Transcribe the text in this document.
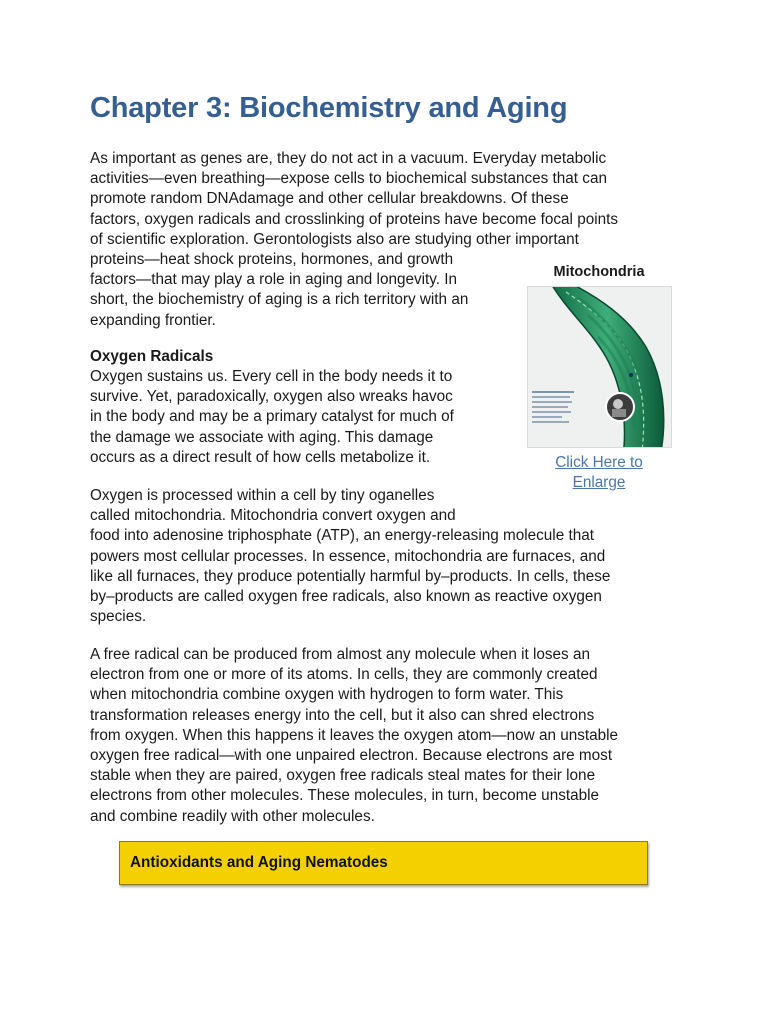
Chapter 3: Biochemistry and Aging

As important as genes are, they do not act in a vacuum. Everyday metabolic
activities—even breathing—expose cells to biochemical substances that can
promote random DNAdamage and other cellular breakdowns. Of these
factors, oxygen radicals and crosslinking of proteins have become focal points
of scientific exploration. Gerontologists also are studying other important
proteins—heat shock proteins, hormones, and growth
factors—that may play a role in aging and longevity. In
short, the biochemistry of aging is a rich territory with an
expanding frontier.

Oxygen Radicals

Oxygen sustains us. Every cell in the body needs it to
survive. Yet, paradoxically, oxygen also wreaks havoc
in the body and may be a primary catalyst for much of
the damage we associate with aging. This damage
occurs as a direct result of how cells metabolize it.

Oxygen is processed within a cell by tiny oganelles
called mitochondria. Mitochondria convert oxygen and
food into adenosine triphosphate (ATP), an energy-releasing molecule that
powers most cellular processes. In essence, mitochondria are furnaces, and
like all furnaces, they produce potentially harmful by–products. In cells, these
by–products are called oxygen free radicals, also known as reactive oxygen
species.

A free radical can be produced from almost any molecule when it loses an
electron from one or more of its atoms. In cells, they are commonly created
when mitochondria combine oxygen with hydrogen to form water. This
transformation releases energy into the cell, but it also can shred electrons
from oxygen. When this happens it leaves the oxygen atom—now an unstable
oxygen free radical—with one unpaired electron. Because electrons are most
stable when they are paired, oxygen free radicals steal mates for their lone
electrons from other molecules. These molecules, in turn, become unstable
and combine readily with other molecules.

Mitochondria

Click Here to
Enlarge
Antioxidants and Aging Nematodes
